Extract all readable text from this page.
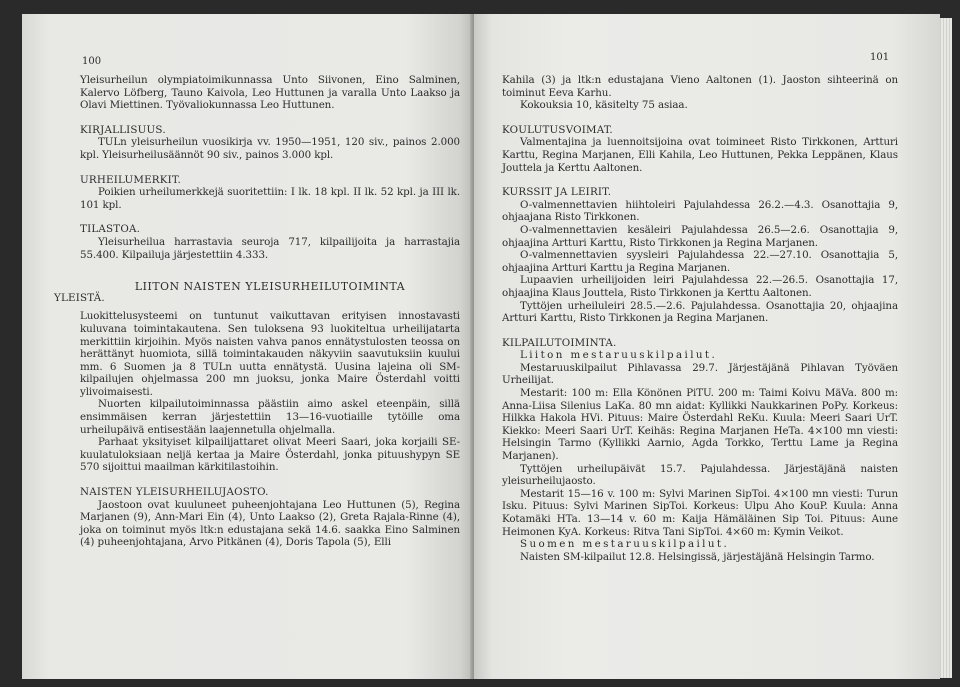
100

Yleisurheilun olympiatoimikunnassa Unto Siivonen, Eino Salminen, Kalervo Löfberg, Tauno Kaivola, Leo Huttunen ja varalla Unto Laakso ja Olavi Miettinen. Työvaliokunnassa Leo Huttunen.

KIRJALLISUUS.

TULn yleisurheilun vuosikirja vv. 1950—1951, 120 siv., painos 2.000 kpl. Yleisurheilusäännöt 90 siv., painos 3.000 kpl.

URHEILUMERKIT.

Poikien urheilumerkkejä suoritettiin: I lk. 18 kpl. II lk. 52 kpl. ja III lk. 101 kpl.

TILASTOA.

Yleisurheilua harrastavia seuroja 717, kilpailijoita ja harrastajia 55.400. Kilpailuja järjestettiin 4.333.

LIITON NAISTEN YLEISURHEILUTOIMINTA

YLEISTÄ.

Luokittelusysteemi on tuntunut vaikuttavan erityisen innostavasti kuluvana toimintakautena. Sen tuloksena 93 luokiteltua urheilijatarta merkittiin kirjoihin. Myös naisten vahva panos ennätystulosten teossa on herättänyt huomiota, sillä toimintakauden näkyviin saavutuksiin kuului mm. 6 Suomen ja 8 TULn uutta ennätystä. Uusina lajeina oli SM-kilpailujen ohjelmassa 200 mn juoksu, jonka Maire Österdahl voitti ylivoimaisesti.

Nuorten kilpailutoiminnassa päästiin aimo askel eteenpäin, sillä ensimmäisen kerran järjestettiin 13—16-vuotiaille tytöille oma urheilupäivä entisestään laajennetulla ohjelmalla.

Parhaat yksityiset kilpailijattaret olivat Meeri Saari, joka korjaili SE-kuulatuloksiaan neljä kertaa ja Maire Österdahl, jonka pituushypyn SE 570 sijoittui maailman kärkitilastoihin.

NAISTEN YLEISURHEILUJAOSTO.

Jaostoon ovat kuuluneet puheenjohtajana Leo Huttunen (5), Regina Marjanen (9), Ann-Mari Ein (4), Unto Laakso (2), Greta Rajala-Rinne (4), joka on toiminut myös ltk:n edustajana sekä 14.6. saakka Eino Salminen (4) puheenjohtajana, Arvo Pitkänen (4), Doris Tapola (5), Elli

101

Kahila (3) ja ltk:n edustajana Vieno Aaltonen (1). Jaoston sihteerinä on toiminut Eeva Karhu.

Kokouksia 10, käsitelty 75 asiaa.

KOULUTUSVOIMAT.

Valmentajina ja luennoitsijoina ovat toimineet Risto Tirkkonen, Artturi Karttu, Regina Marjanen, Elli Kahila, Leo Huttunen, Pekka Leppänen, Klaus Jouttela ja Kerttu Aaltonen.

KURSSIT JA LEIRIT.

O-valmennettavien hiihtoleiri Pajulahdessa 26.2.—4.3. Osanottajia 9, ohjaajana Risto Tirkkonen.

O-valmennettavien kesäleiri Pajulahdessa 26.5—2.6. Osanottajia 9, ohjaajina Artturi Karttu, Risto Tirkkonen ja Regina Marjanen.

O-valmennettavien syysleiri Pajulahdessa 22.—27.10. Osanottajia 5, ohjaajina Artturi Karttu ja Regina Marjanen.

Lupaavien urheilijoiden leiri Pajulahdessa 22.—26.5. Osanottajia 17, ohjaajina Klaus Jouttela, Risto Tirkkonen ja Kerttu Aaltonen.

Tyttöjen urheiluleiri 28.5.—2.6. Pajulahdessa. Osanottajia 20, ohjaajina Artturi Karttu, Risto Tirkkonen ja Regina Marjanen.

KILPAILUTOIMINTA.

Liiton mestaruuskilpailut.

Mestaruuskilpailut Pihlavassa 29.7. Järjestäjänä Pihlavan Työväen Urheilijat.

Mestarit: 100 m: Ella Könönen PiTU. 200 m: Taimi Koivu MäVa. 800 m: Anna-Liisa Silenius LaKa. 80 mn aidat: Kyllikki Naukkarinen PoPy. Korkeus: Hilkka Hakola HVi. Pituus: Maire Österdahl ReKu. Kuula: Meeri Saari UrT. Kiekko: Meeri Saari UrT. Keihäs: Regina Marjanen HeTa. 4×100 mn viesti: Helsingin Tarmo (Kyllikki Aarnio, Agda Torkko, Terttu Lame ja Regina Marjanen).

Tyttöjen urheilupäivät 15.7. Pajulahdessa. Järjestäjänä naisten yleisurheilujaosto.

Mestarit 15—16 v. 100 m: Sylvi Marinen SipToi. 4×100 mn viesti: Turun Isku. Pituus: Sylvi Marinen SipToi. Korkeus: Ulpu Aho KouP. Kuula: Anna Kotamäki HTa. 13—14 v. 60 m: Kaija Hämäläinen Sip Toi. Pituus: Aune Heimonen KyA. Korkeus: Ritva Tani SipToi. 4×60 m: Kymin Veikot.

Suomen mestaruuskilpailut.

Naisten SM-kilpailut 12.8. Helsingissä, järjestäjänä Helsingin Tarmo.
